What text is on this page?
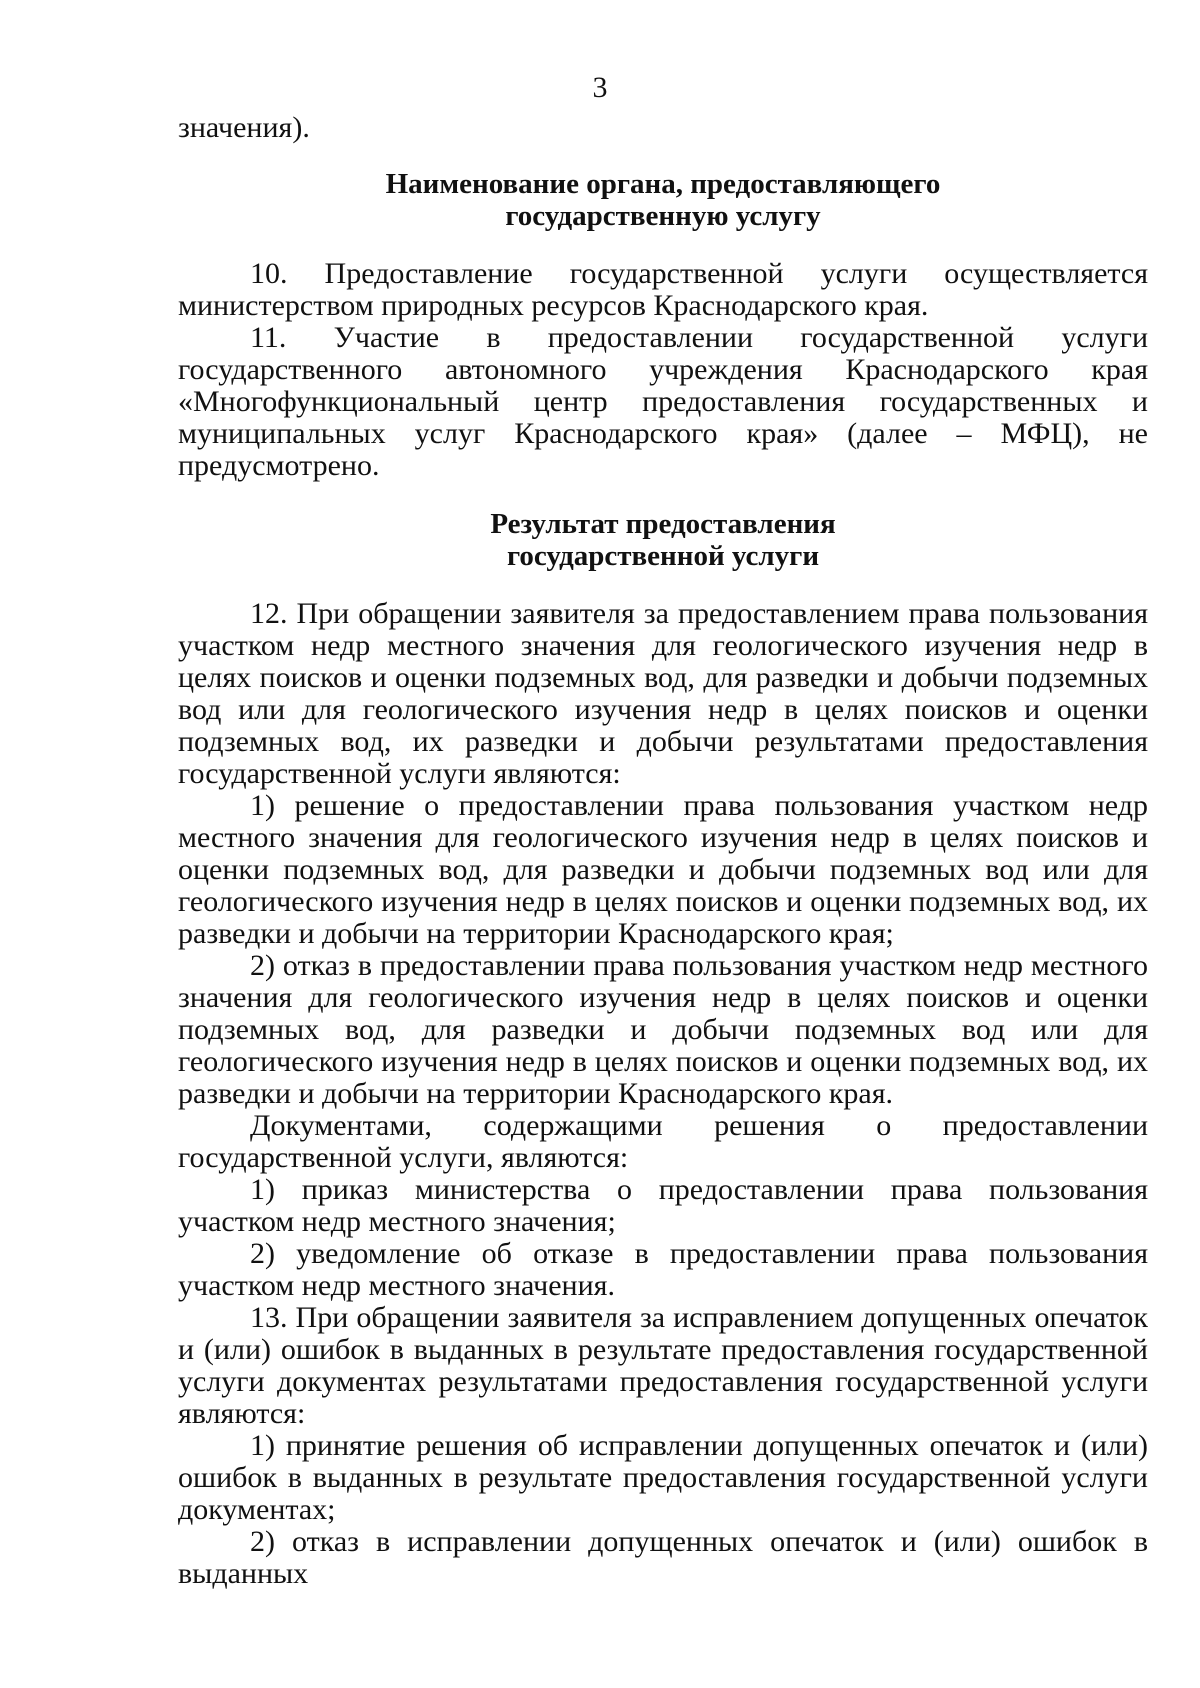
3
значения).
Наименование органа, предоставляющего
государственную услугу
10. Предоставление государственной услуги осуществляется министерством природных ресурсов Краснодарского края.
11. Участие в предоставлении государственной услуги государственного автономного учреждения Краснодарского края «Многофункциональный центр предоставления государственных и муниципальных услуг Краснодарского края» (далее – МФЦ), не предусмотрено.
Результат предоставления
государственной услуги
12. При обращении заявителя за предоставлением права пользования участком недр местного значения для геологического изучения недр в целях поисков и оценки подземных вод, для разведки и добычи подземных вод или для геологического изучения недр в целях поисков и оценки подземных вод, их разведки и добычи результатами предоставления государственной услуги являются:
1) решение о предоставлении права пользования участком недр местного значения для геологического изучения недр в целях поисков и оценки подземных вод, для разведки и добычи подземных вод или для геологического изучения недр в целях поисков и оценки подземных вод, их разведки и добычи на территории Краснодарского края;
2) отказ в предоставлении права пользования участком недр местного значения для геологического изучения недр в целях поисков и оценки подземных вод, для разведки и добычи подземных вод или для геологического изучения недр в целях поисков и оценки подземных вод, их разведки и добычи на территории Краснодарского края.
Документами, содержащими решения о предоставлении государственной услуги, являются:
1) приказ министерства о предоставлении права пользования участком недр местного значения;
2) уведомление об отказе в предоставлении права пользования участком недр местного значения.
13. При обращении заявителя за исправлением допущенных опечаток и (или) ошибок в выданных в результате предоставления государственной услуги документах результатами предоставления государственной услуги являются:
1) принятие решения об исправлении допущенных опечаток и (или) ошибок в выданных в результате предоставления государственной услуги документах;
2) отказ в исправлении допущенных опечаток и (или) ошибок в выданных
